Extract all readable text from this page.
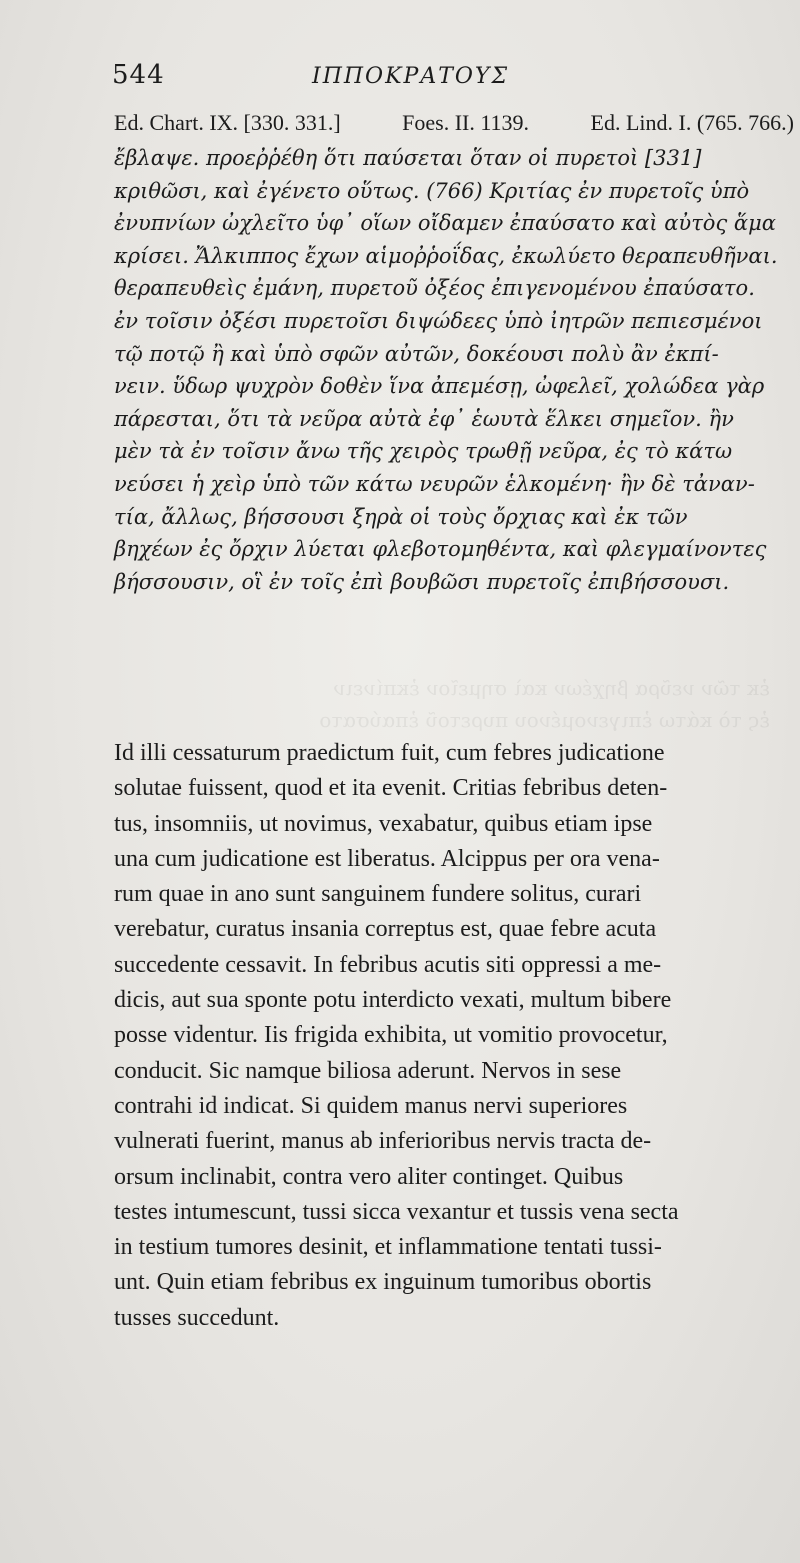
ἐκ τῶν νεῦρα βηχέων καὶ σημεῖον ἐκπίνειν
ἐς τὸ κάτω ἐπιγενομένου πυρετοῦ ἐπαύσατο
544	ΙΠΠΟΚΡΑΤΟΥΣ
Ed. Chart. IX. [330. 331.]	Foes. II. 1139.	Ed. Lind. I. (765. 766.)
ἔβλαψε. προεῤῥέθη ὅτι παύσεται ὅταν οἱ πυρετοὶ [331]
κριθῶσι, καὶ ἐγένετο οὕτως. (766) Κριτίας ἐν πυρετοῖς ὑπὸ
ἐνυπνίων ὠχλεῖτο ὑφ᾽ οἵων οἴδαμεν ἐπαύσατο καὶ αὐτὸς ἅμα
κρίσει. Ἄλκιππος ἔχων αἱμοῤῥοΐδας, ἐκωλύετο θεραπευθῆναι.
θεραπευθεὶς ἐμάνη, πυρετοῦ ὀξέος ἐπιγενομένου ἐπαύσατο.
ἐν τοῖσιν ὀξέσι πυρετοῖσι διψώδεες ὑπὸ ἰητρῶν πεπιεσμένοι
τῷ ποτῷ ἢ καὶ ὑπὸ σφῶν αὐτῶν, δοκέουσι πολὺ ἂν ἐκπί-
νειν. ὕδωρ ψυχρὸν δοθὲν ἵνα ἀπεμέσῃ, ὠφελεῖ, χολώδεα γὰρ
πάρεσται, ὅτι τὰ νεῦρα αὐτὰ ἐφ᾽ ἑωυτὰ ἕλκει σημεῖον. ἢν
μὲν τὰ ἐν τοῖσιν ἄνω τῆς χειρὸς τρωθῇ νεῦρα, ἐς τὸ κάτω
νεύσει ἡ χεὶρ ὑπὸ τῶν κάτω νευρῶν ἑλκομένη· ἢν δὲ τἀναν-
τία, ἄλλως, βήσσουσι ξηρὰ οἱ τοὺς ὄρχιας καὶ ἐκ τῶν
βηχέων ἐς ὄρχιν λύεται φλεβοτομηθέντα, καὶ φλεγμαίνοντες
βήσσουσιν, οἳ ἐν τοῖς ἐπὶ βουβῶσι πυρετοῖς ἐπιβήσσουσι.
Id illi cessaturum praedictum fuit, cum febres judicatione
solutae fuissent, quod et ita evenit. Critias febribus deten-
tus, insomniis, ut novimus, vexabatur, quibus etiam ipse
una cum judicatione est liberatus. Alcippus per ora vena-
rum quae in ano sunt sanguinem fundere solitus, curari
verebatur, curatus insania correptus est, quae febre acuta
succedente cessavit. In febribus acutis siti oppressi a me-
dicis, aut sua sponte potu interdicto vexati, multum bibere
posse videntur. Iis frigida exhibita, ut vomitio provocetur,
conducit. Sic namque biliosa aderunt. Nervos in sese
contrahi id indicat. Si quidem manus nervi superiores
vulnerati fuerint, manus ab inferioribus nervis tracta de-
orsum inclinabit, contra vero aliter continget. Quibus
testes intumescunt, tussi sicca vexantur et tussis vena secta
in testium tumores desinit, et inflammatione tentati tussi-
unt. Quin etiam febribus ex inguinum tumoribus obortis
tusses succedunt.
